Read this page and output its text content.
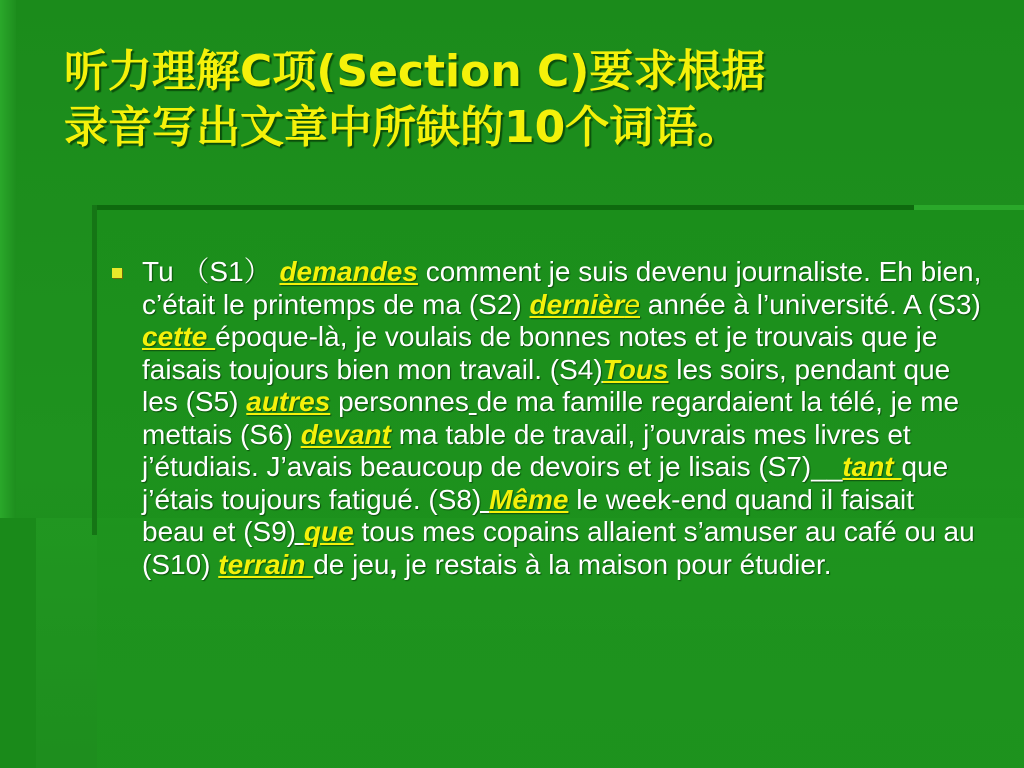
听力理解C项(Section C)要求根据
录音写出文章中所缺的10个词语。

Tu （S1） demandes comment je suis devenu journaliste. Eh bien, c’était le printemps de ma (S2) dernière année à l’université. A (S3) cette époque-là, je voulais de bonnes notes et je trouvais que je faisais toujours bien mon travail. (S4)Tous les soirs, pendant que les (S5) autres personnes de ma famille regardaient la télé, je me mettais (S6) devant ma table de travail, j’ouvrais mes livres et j’étudiais. J’avais beaucoup de devoirs et je lisais (S7)__tant que j’étais toujours fatigué. (S8) Même le week-end quand il faisait beau et (S9) que tous mes copains allaient s’amuser au café ou au (S10) terrain de jeu, je restais à la maison pour étudier.
